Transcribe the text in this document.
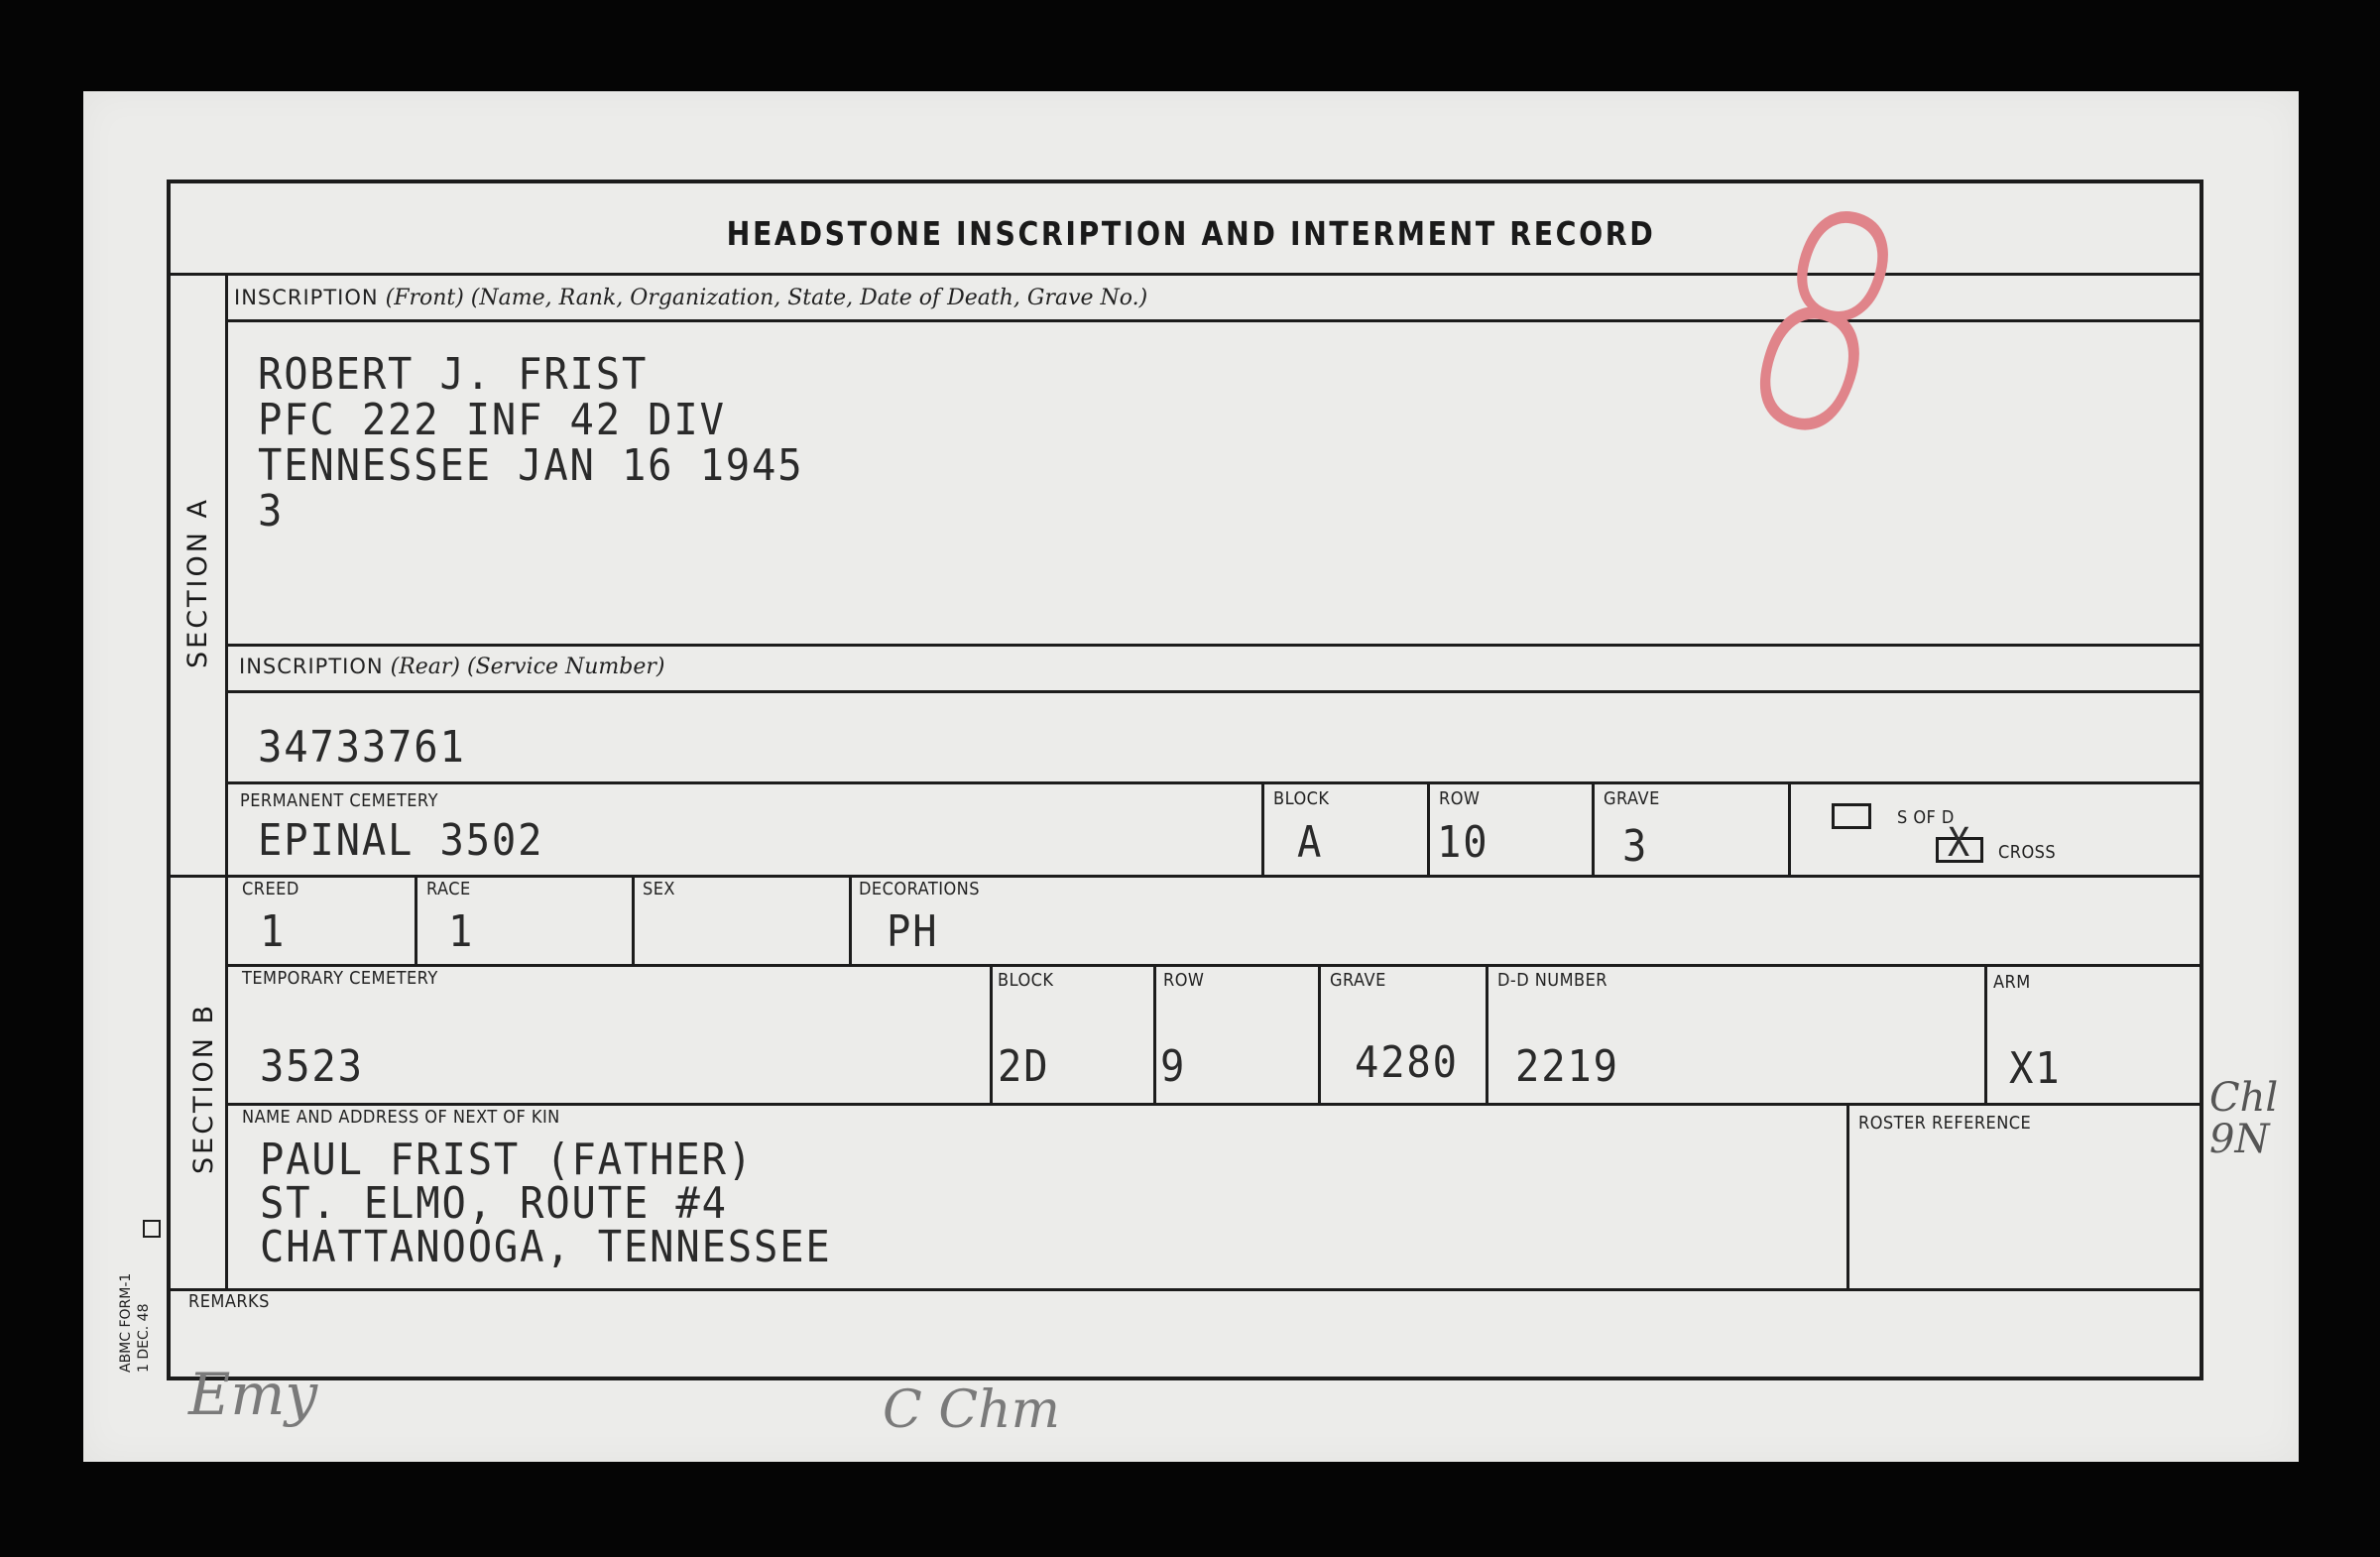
HEADSTONE INSCRIPTION AND INTERMENT RECORD
SECTION A
SECTION B
ABMC FORM-1 1 DEC. 48
INSCRIPTION (Front) (Name, Rank, Organization, State, Date of Death, Grave No.)
ROBERT J. FRIST
PFC 222 INF 42 DIV
TENNESSEE JAN 16 1945
3
INSCRIPTION (Rear) (Service Number)
34733761
PERMANENT CEMETERY
EPINAL 3502
BLOCK
A
ROW
10
GRAVE
3
S OF D
X CROSS
CREED
1
RACE
1
SEX	DECORATIONS
PH
TEMPORARY CEMETERY
3523
BLOCK
2D
ROW
9
GRAVE
4280
D-D NUMBER
2219
ARM
X1
NAME AND ADDRESS OF NEXT OF KIN
PAUL FRIST (FATHER)
ST. ELMO, ROUTE #4
CHATTANOOGA, TENNESSEE
ROSTER REFERENCE
REMARKS
8
Emy	C Chm
Chl
9N
